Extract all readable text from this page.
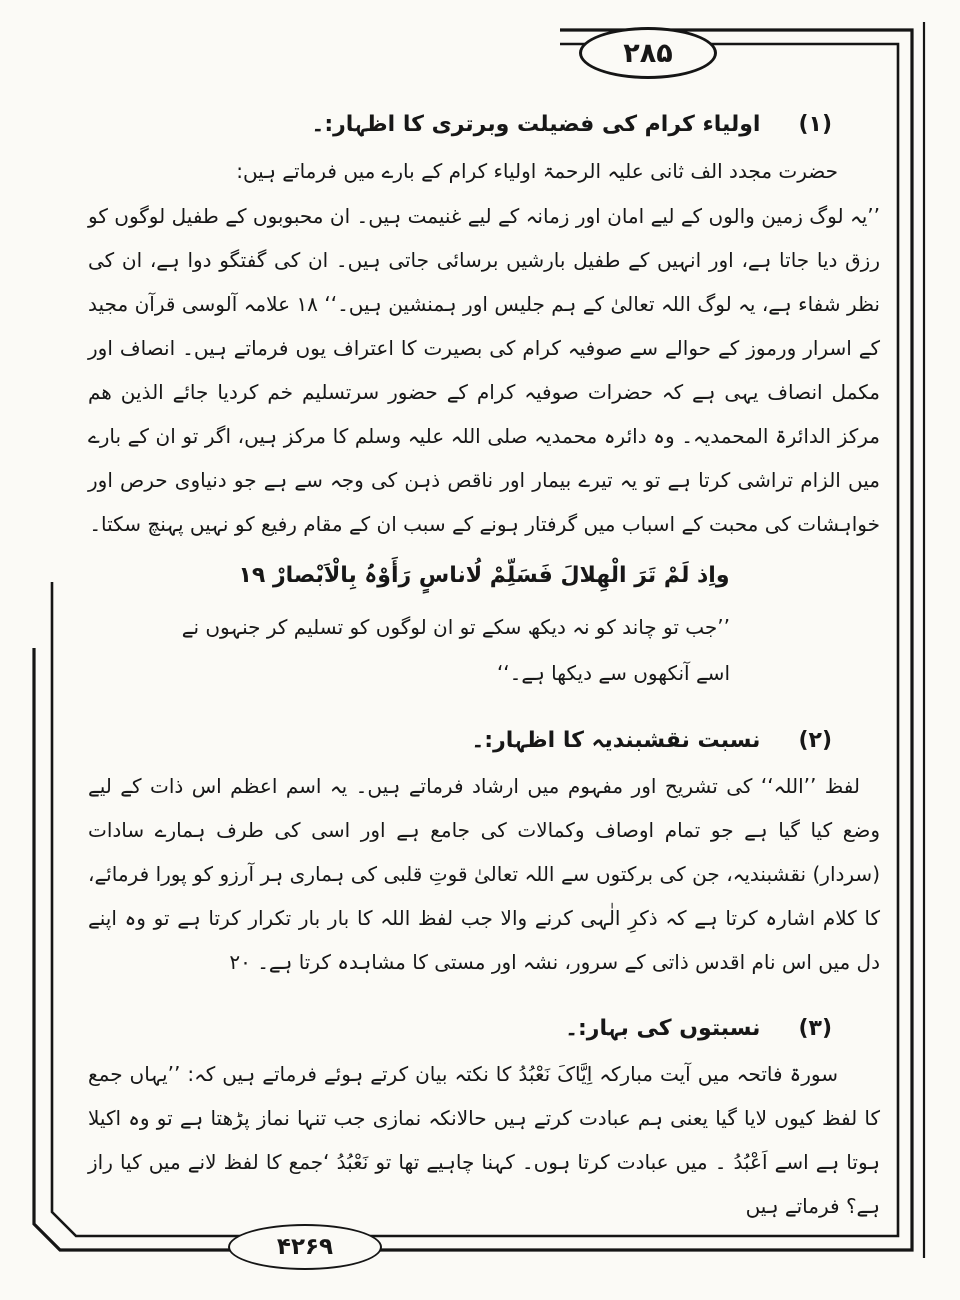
۲۸۵
۴۲۶۹
(۱)
اولیاء کرام کی فضیلت وبرتری کا اظہار:۔

حضرت مجدد الف ثانی علیہ الرحمۃ اولیاء کرام کے بارے میں فرماتے ہیں:

’’یہ لوگ زمین والوں کے لیے امان اور زمانہ کے لیے غنیمت ہیں۔ ان محبوبوں کے طفیل لوگوں کو رزق دیا جاتا ہے، اور انہیں کے طفیل بارشیں برسائی جاتی ہیں۔ ان کی گفتگو دوا ہے، ان کی نظر شفاء ہے، یہ لوگ اللہ تعالیٰ کے ہم جلیس اور ہمنشین ہیں۔‘‘ ۱۸ علامہ آلوسی قرآن مجید کے اسرار ورموز کے حوالے سے صوفیہ کرام کی بصیرت کا اعتراف یوں فرماتے ہیں۔ انصاف اور مکمل انصاف یہی ہے کہ حضرات صوفیہ کرام کے حضور سرتسلیم خم کردیا جائے الذین ھم مرکز الدائرۃ المحمدیہ۔ وہ دائرہ محمدیہ صلی اللہ علیہ وسلم کا مرکز ہیں، اگر تو ان کے بارے میں الزام تراشی کرتا ہے تو یہ تیرے بیمار اور ناقص ذہن کی وجہ سے ہے جو دنیاوی حرص اور خواہشات کی محبت کے اسباب میں گرفتار ہونے کے سبب ان کے مقام رفیع کو نہیں پہنچ سکتا۔

واِذ لَمْ تَرَ الْھِلالَ فَسَلِّمْ لُاناسٍ رَأَوْہُ بِالْاَبْصارْ ۱۹
’’جب تو چاند کو نہ دیکھ سکے تو ان لوگوں کو تسلیم کر جنہوں نے اسے آنکھوں سے دیکھا ہے۔‘‘
(۲)
نسبت نقشبندیہ کا اظہار:۔

لفظ ’’اللہ‘‘ کی تشریح اور مفہوم میں ارشاد فرماتے ہیں۔ یہ اسم اعظم اس ذات کے لیے وضع کیا گیا ہے جو تمام اوصاف وکمالات کی جامع ہے اور اسی کی طرف ہمارے سادات (سردار) نقشبندیہ، جن کی برکتوں سے اللہ تعالیٰ قوتِ قلبی کی ہماری ہر آرزو کو پورا فرمائے، کا کلام اشارہ کرتا ہے کہ ذکرِ الٰہی کرنے والا جب لفظ اللہ کا بار بار تکرار کرتا ہے تو وہ اپنے دل میں اس نام اقدس ذاتی کے سرور، نشہ اور مستی کا مشاہدہ کرتا ہے۔ ۲۰

(۳)
نسبتوں کی بہار:۔

سورۃ فاتحہ میں آیت مبارکہ اِیَّاکَ نَعْبُدُ کا نکتہ بیان کرتے ہوئے فرماتے ہیں کہ: ’’یہاں جمع کا لفظ کیوں لایا گیا یعنی ہم عبادت کرتے ہیں حالانکہ نمازی جب تنہا نماز پڑھتا ہے تو وہ اکیلا ہوتا ہے اسے اَعْبُدُ ۔ میں عبادت کرتا ہوں۔ کہنا چاہیے تھا تو نَعْبُدُ ‘جمع کا لفظ لانے میں کیا راز ہے؟ فرماتے ہیں
